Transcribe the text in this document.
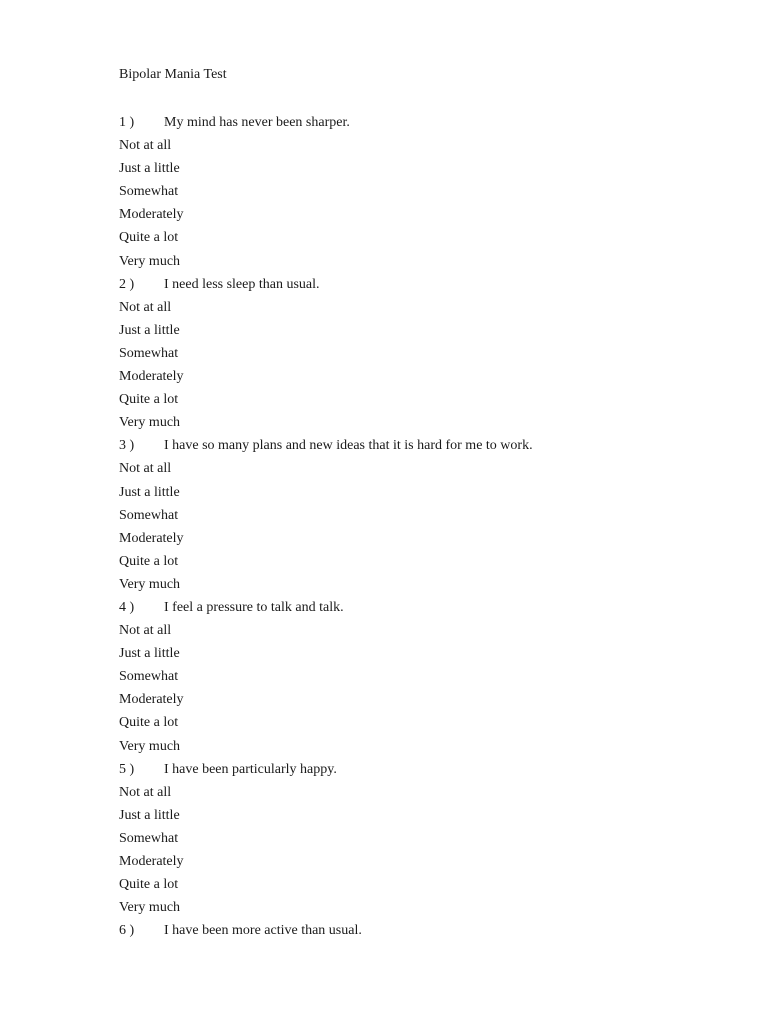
Bipolar Mania Test
1 )	My mind has never been sharper.
Not at all
Just a little
Somewhat
Moderately
Quite a lot
Very much
2 )	I need less sleep than usual.
Not at all
Just a little
Somewhat
Moderately
Quite a lot
Very much
3 )	I have so many plans and new ideas that it is hard for me to work.
Not at all
Just a little
Somewhat
Moderately
Quite a lot
Very much
4 )	I feel a pressure to talk and talk.
Not at all
Just a little
Somewhat
Moderately
Quite a lot
Very much
5 )	I have been particularly happy.
Not at all
Just a little
Somewhat
Moderately
Quite a lot
Very much
6 )	I have been more active than usual.
